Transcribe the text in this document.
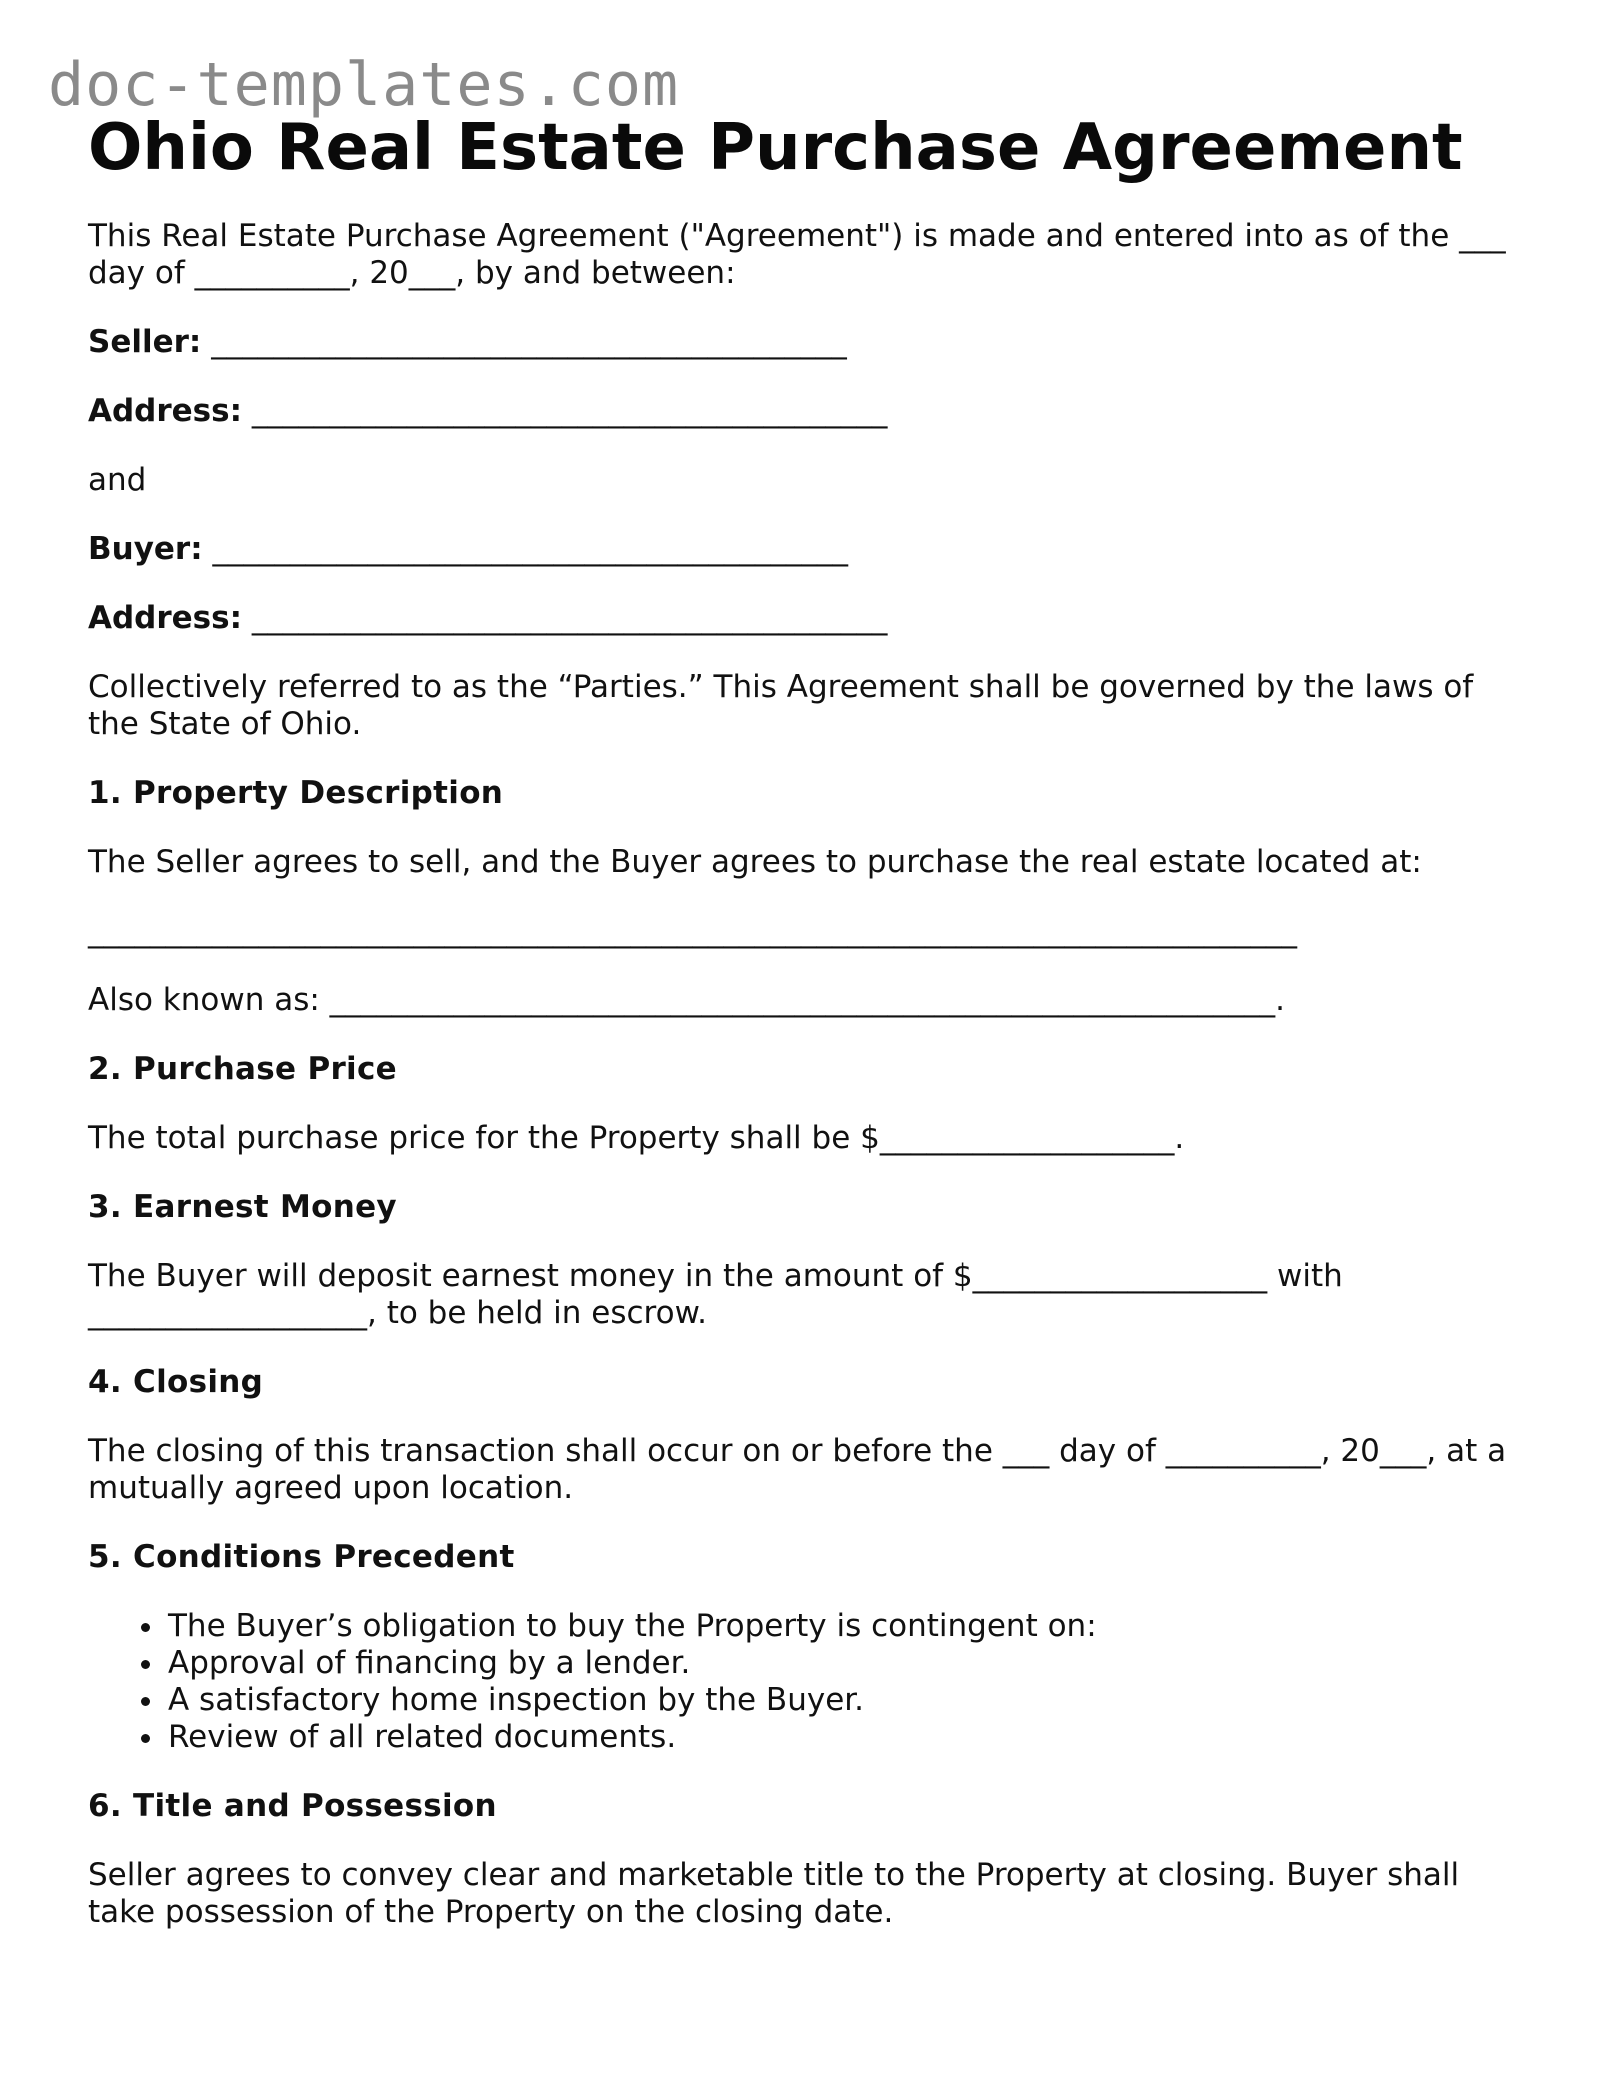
doc-templates.com
Ohio Real Estate Purchase Agreement
This Real Estate Purchase Agreement ("Agreement") is made and entered into as of the ___ day of __________, 20___, by and between:
Seller: _________________________________________
Address: _________________________________________
and
Buyer: _________________________________________
Address: _________________________________________
Collectively referred to as the “Parties.” This Agreement shall be governed by the laws of the State of Ohio.
1. Property Description
The Seller agrees to sell, and the Buyer agrees to purchase the real estate located at:
______________________________________________________________________________
Also known as: _____________________________________________________________.
2. Purchase Price
The total purchase price for the Property shall be $___________________.
3. Earnest Money
The Buyer will deposit earnest money in the amount of $___________________ with __________________, to be held in escrow.
4. Closing
The closing of this transaction shall occur on or before the ___ day of __________, 20___, at a mutually agreed upon location.
5. Conditions Precedent
• The Buyer’s obligation to buy the Property is contingent on:
• Approval of financing by a lender.
• A satisfactory home inspection by the Buyer.
• Review of all related documents.
6. Title and Possession
Seller agrees to convey clear and marketable title to the Property at closing. Buyer shall take possession of the Property on the closing date.
